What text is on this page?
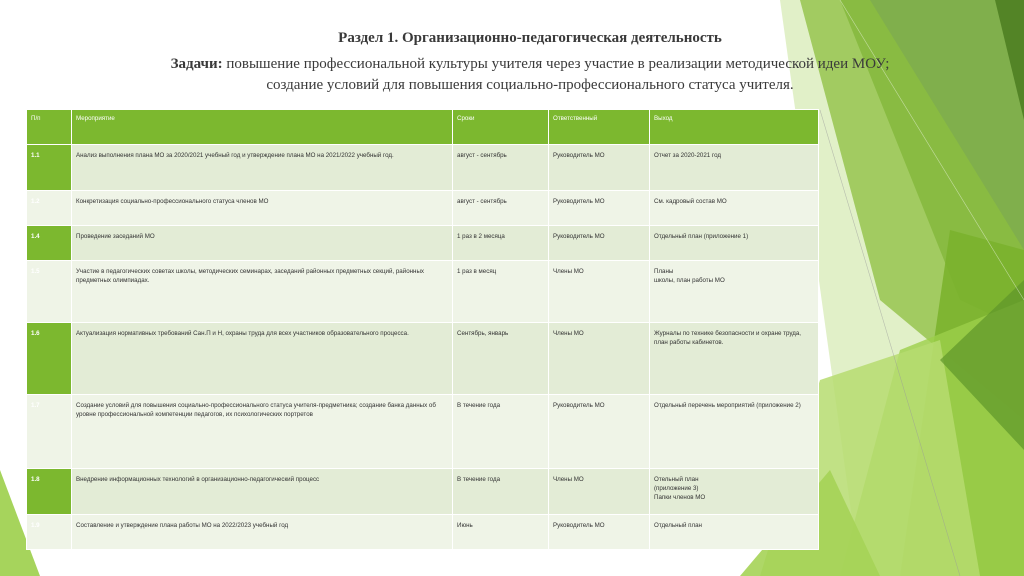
Раздел 1. Организационно-педагогическая деятельность
Задачи: повышение профессиональной культуры учителя через участие в реализации методической идеи МОУ;
создание условий для повышения социально-профессионального статуса учителя.
П/п	Мероприятие	Сроки	Ответственный	Выход
1.1	Анализ выполнения плана МО за 2020/2021 учебный год и утверждение плана МО на 2021/2022 учебный год.	август - сентябрь	Руководитель МО	Отчет за 2020-2021 год
1.2	Конкретизация социально-профессионального статуса членов МО	август - сентябрь	Руководитель МО	См. кадровый состав МО
1.4	Проведение заседаний МО	1 раз в 2 месяца	Руководитель МО	Отдельный план (приложение 1)
1.5	Участие в педагогических советах школы, методических семинарах, заседаний районных предметных секций, районных предметных олимпиадах.	1 раз в месяц	Члены МО	Планы
школы, план работы МО
1.6	Актуализация нормативных требований Сан.П и Н, охраны труда для всех участников образовательного процесса.	Сентябрь, январь	Члены МО	Журналы по технике безопасности и охране труда, план работы кабинетов.
1.7	Создание условий для повышения социально-профессионального статуса учителя-предметника; создание банка данных об уровне профессиональной компетенции педагогов, их психологических портретов	В течение года	Руководитель МО	Отдельный перечень мероприятий (приложение 2)
1.8	Внедрение информационных технологий в организационно-педагогический процесс	В течение года	Члены МО	Отельный план
(приложение 3)
Папки членов МО
1.9	Составление и утверждение плана работы МО на 2022/2023 учебный год	Июнь	Руководитель МО	Отдельный план
